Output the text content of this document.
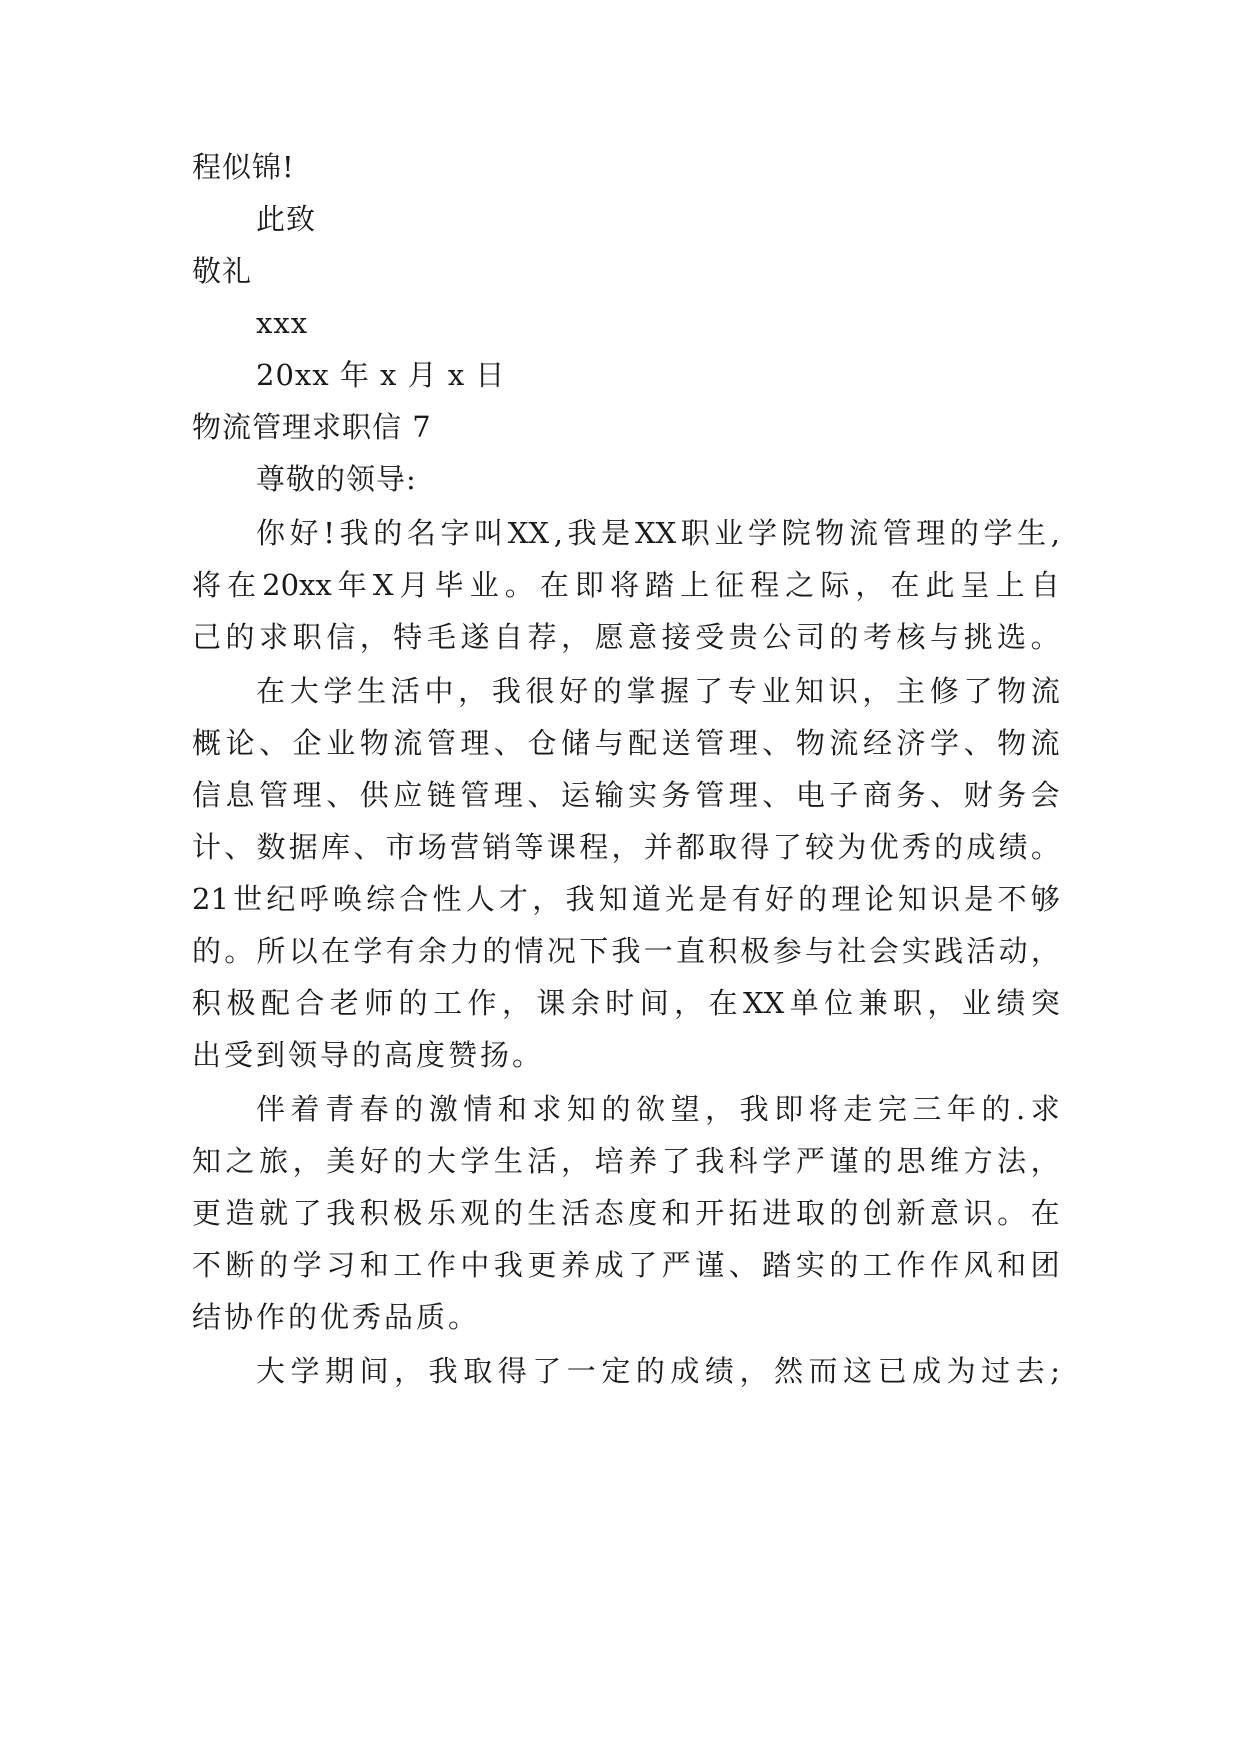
程似锦!
此致
敬礼
xxx
20xx 年 x 月 x 日
物流管理求职信 7
尊敬的领导:
你 好 ! 我 的 名 字 叫 XX , 我 是 XX 职 业 学 院 物 流 管 理 的 学 生 ,
将 在 20xx 年 X 月 毕 业 。 在 即 将 踏 上 征 程 之 际 ， 在 此 呈 上 自
己 的 求 职 信 ， 特 毛 遂 自 荐 ， 愿 意 接 受 贵 公 司 的 考 核 与 挑 选 。
在 大 学 生 活 中 ， 我 很 好 的 掌 握 了 专 业 知 识 ， 主 修 了 物 流
概 论 、 企 业 物 流 管 理 、 仓 储 与 配 送 管 理 、 物 流 经 济 学 、 物 流
信 息 管 理 、 供 应 链 管 理 、 运 输 实 务 管 理 、 电 子 商 务 、 财 务 会
计 、 数 据 库 、 市 场 营 销 等 课 程 ， 并 都 取 得 了 较 为 优 秀 的 成 绩 。
21 世 纪 呼 唤 综 合 性 人 才 ， 我 知 道 光 是 有 好 的 理 论 知 识 是 不 够
的 。 所 以 在 学 有 余 力 的 情 况 下 我 一 直 积 极 参 与 社 会 实 践 活 动 ，
积 极 配 合 老 师 的 工 作 ， 课 余 时 间 ， 在 XX 单 位 兼 职 ， 业 绩 突
出受到领导的高度赞扬。
伴 着 青 春 的 激 情 和 求 知 的 欲 望 ， 我 即 将 走 完 三 年 的 . 求
知 之 旅 ， 美 好 的 大 学 生 活 ， 培 养 了 我 科 学 严 谨 的 思 维 方 法 ，
更 造 就 了 我 积 极 乐 观 的 生 活 态 度 和 开 拓 进 取 的 创 新 意 识 。 在
不 断 的 学 习 和 工 作 中 我 更 养 成 了 严 谨 、 踏 实 的 工 作 作 风 和 团
结协作的优秀品质。
大 学 期 间 ， 我 取 得 了 一 定 的 成 绩 ， 然 而 这 已 成 为 过 去 ;
